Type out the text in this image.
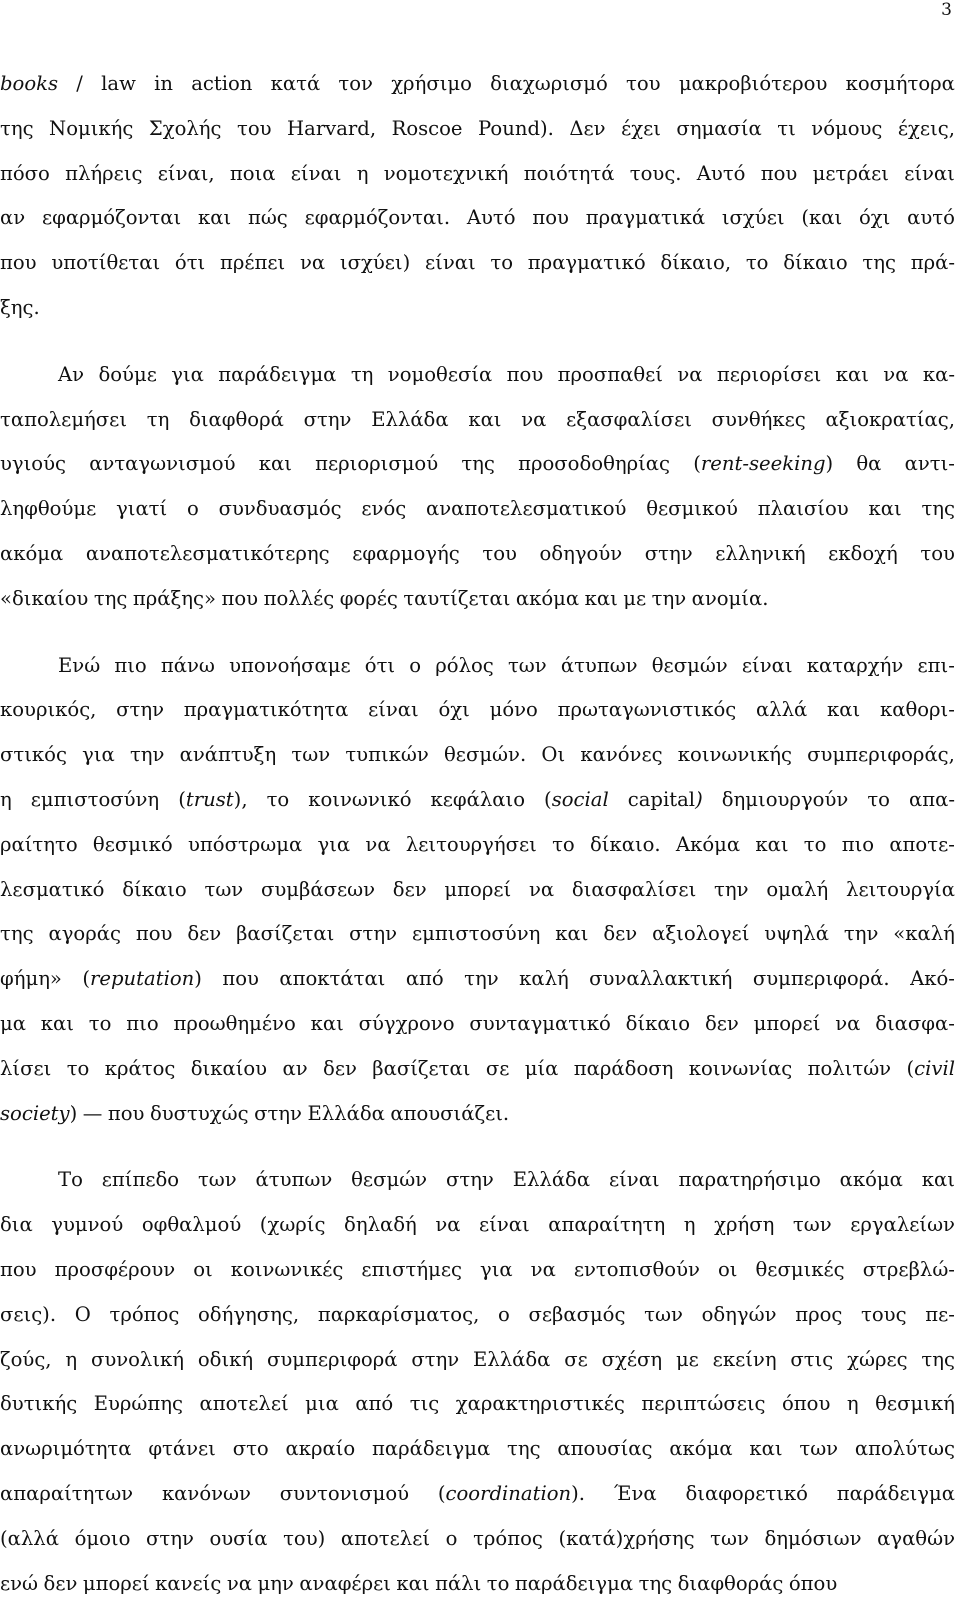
3
books / law in action κατά τον χρήσιμο διαχωρισμό του μακροβιότερου κοσμήτορα
της Νομικής Σχολής του Harvard, Roscoe Pound). Δεν έχει σημασία τι νόμους έχεις,
πόσο πλήρεις είναι, ποια είναι η νομοτεχνική ποιότητά τους. Αυτό που μετράει είναι
αν εφαρμόζονται και πώς εφαρμόζονται. Αυτό που πραγματικά ισχύει (και όχι αυτό
που υποτίθεται ότι πρέπει να ισχύει) είναι το πραγματικό δίκαιο, το δίκαιο της πρά-
ξης.
Αν δούμε για παράδειγμα τη νομοθεσία που προσπαθεί να περιορίσει και να κα-
ταπολεμήσει τη διαφθορά στην Ελλάδα και να εξασφαλίσει συνθήκες αξιοκρατίας,
υγιούς ανταγωνισμού και περιορισμού της προσοδοθηρίας (rent-seeking) θα αντι-
ληφθούμε γιατί ο συνδυασμός ενός αναποτελεσματικού θεσμικού πλαισίου και της
ακόμα αναποτελεσματικότερης εφαρμογής του οδηγούν στην ελληνική εκδοχή του
«δικαίου της πράξης» που πολλές φορές ταυτίζεται ακόμα και με την ανομία.
Ενώ πιο πάνω υπονοήσαμε ότι ο ρόλος των άτυπων θεσμών είναι καταρχήν επι-
κουρικός, στην πραγματικότητα είναι όχι μόνο πρωταγωνιστικός αλλά και καθορι-
στικός για την ανάπτυξη των τυπικών θεσμών. Οι κανόνες κοινωνικής συμπεριφοράς,
η εμπιστοσύνη (trust), το κοινωνικό κεφάλαιο (social capital) δημιουργούν το απα-
ραίτητο θεσμικό υπόστρωμα για να λειτουργήσει το δίκαιο. Ακόμα και το πιο αποτε-
λεσματικό δίκαιο των συμβάσεων δεν μπορεί να διασφαλίσει την ομαλή λειτουργία
της αγοράς που δεν βασίζεται στην εμπιστοσύνη και δεν αξιολογεί υψηλά την «καλή
φήμη» (reputation) που αποκτάται από την καλή συναλλακτική συμπεριφορά. Ακό-
μα και το πιο προωθημένο και σύγχρονο συνταγματικό δίκαιο δεν μπορεί να διασφα-
λίσει το κράτος δικαίου αν δεν βασίζεται σε μία παράδοση κοινωνίας πολιτών (civil
society) — που δυστυχώς στην Ελλάδα απουσιάζει.
Το επίπεδο των άτυπων θεσμών στην Ελλάδα είναι παρατηρήσιμο ακόμα και
δια γυμνού οφθαλμού (χωρίς δηλαδή να είναι απαραίτητη η χρήση των εργαλείων
που προσφέρουν οι κοινωνικές επιστήμες για να εντοπισθούν οι θεσμικές στρεβλώ-
σεις). Ο τρόπος οδήγησης, παρκαρίσματος, ο σεβασμός των οδηγών προς τους πε-
ζούς, η συνολική οδική συμπεριφορά στην Ελλάδα σε σχέση με εκείνη στις χώρες της
δυτικής Ευρώπης αποτελεί μια από τις χαρακτηριστικές περιπτώσεις όπου η θεσμική
ανωριμότητα φτάνει στο ακραίο παράδειγμα της απουσίας ακόμα και των απολύτως
απαραίτητων κανόνων συντονισμού (coordination). Ένα διαφορετικό παράδειγμα
(αλλά όμοιο στην ουσία του) αποτελεί ο τρόπος (κατά)χρήσης των δημόσιων αγαθών
ενώ δεν μπορεί κανείς να μην αναφέρει και πάλι το παράδειγμα της διαφθοράς όπου
